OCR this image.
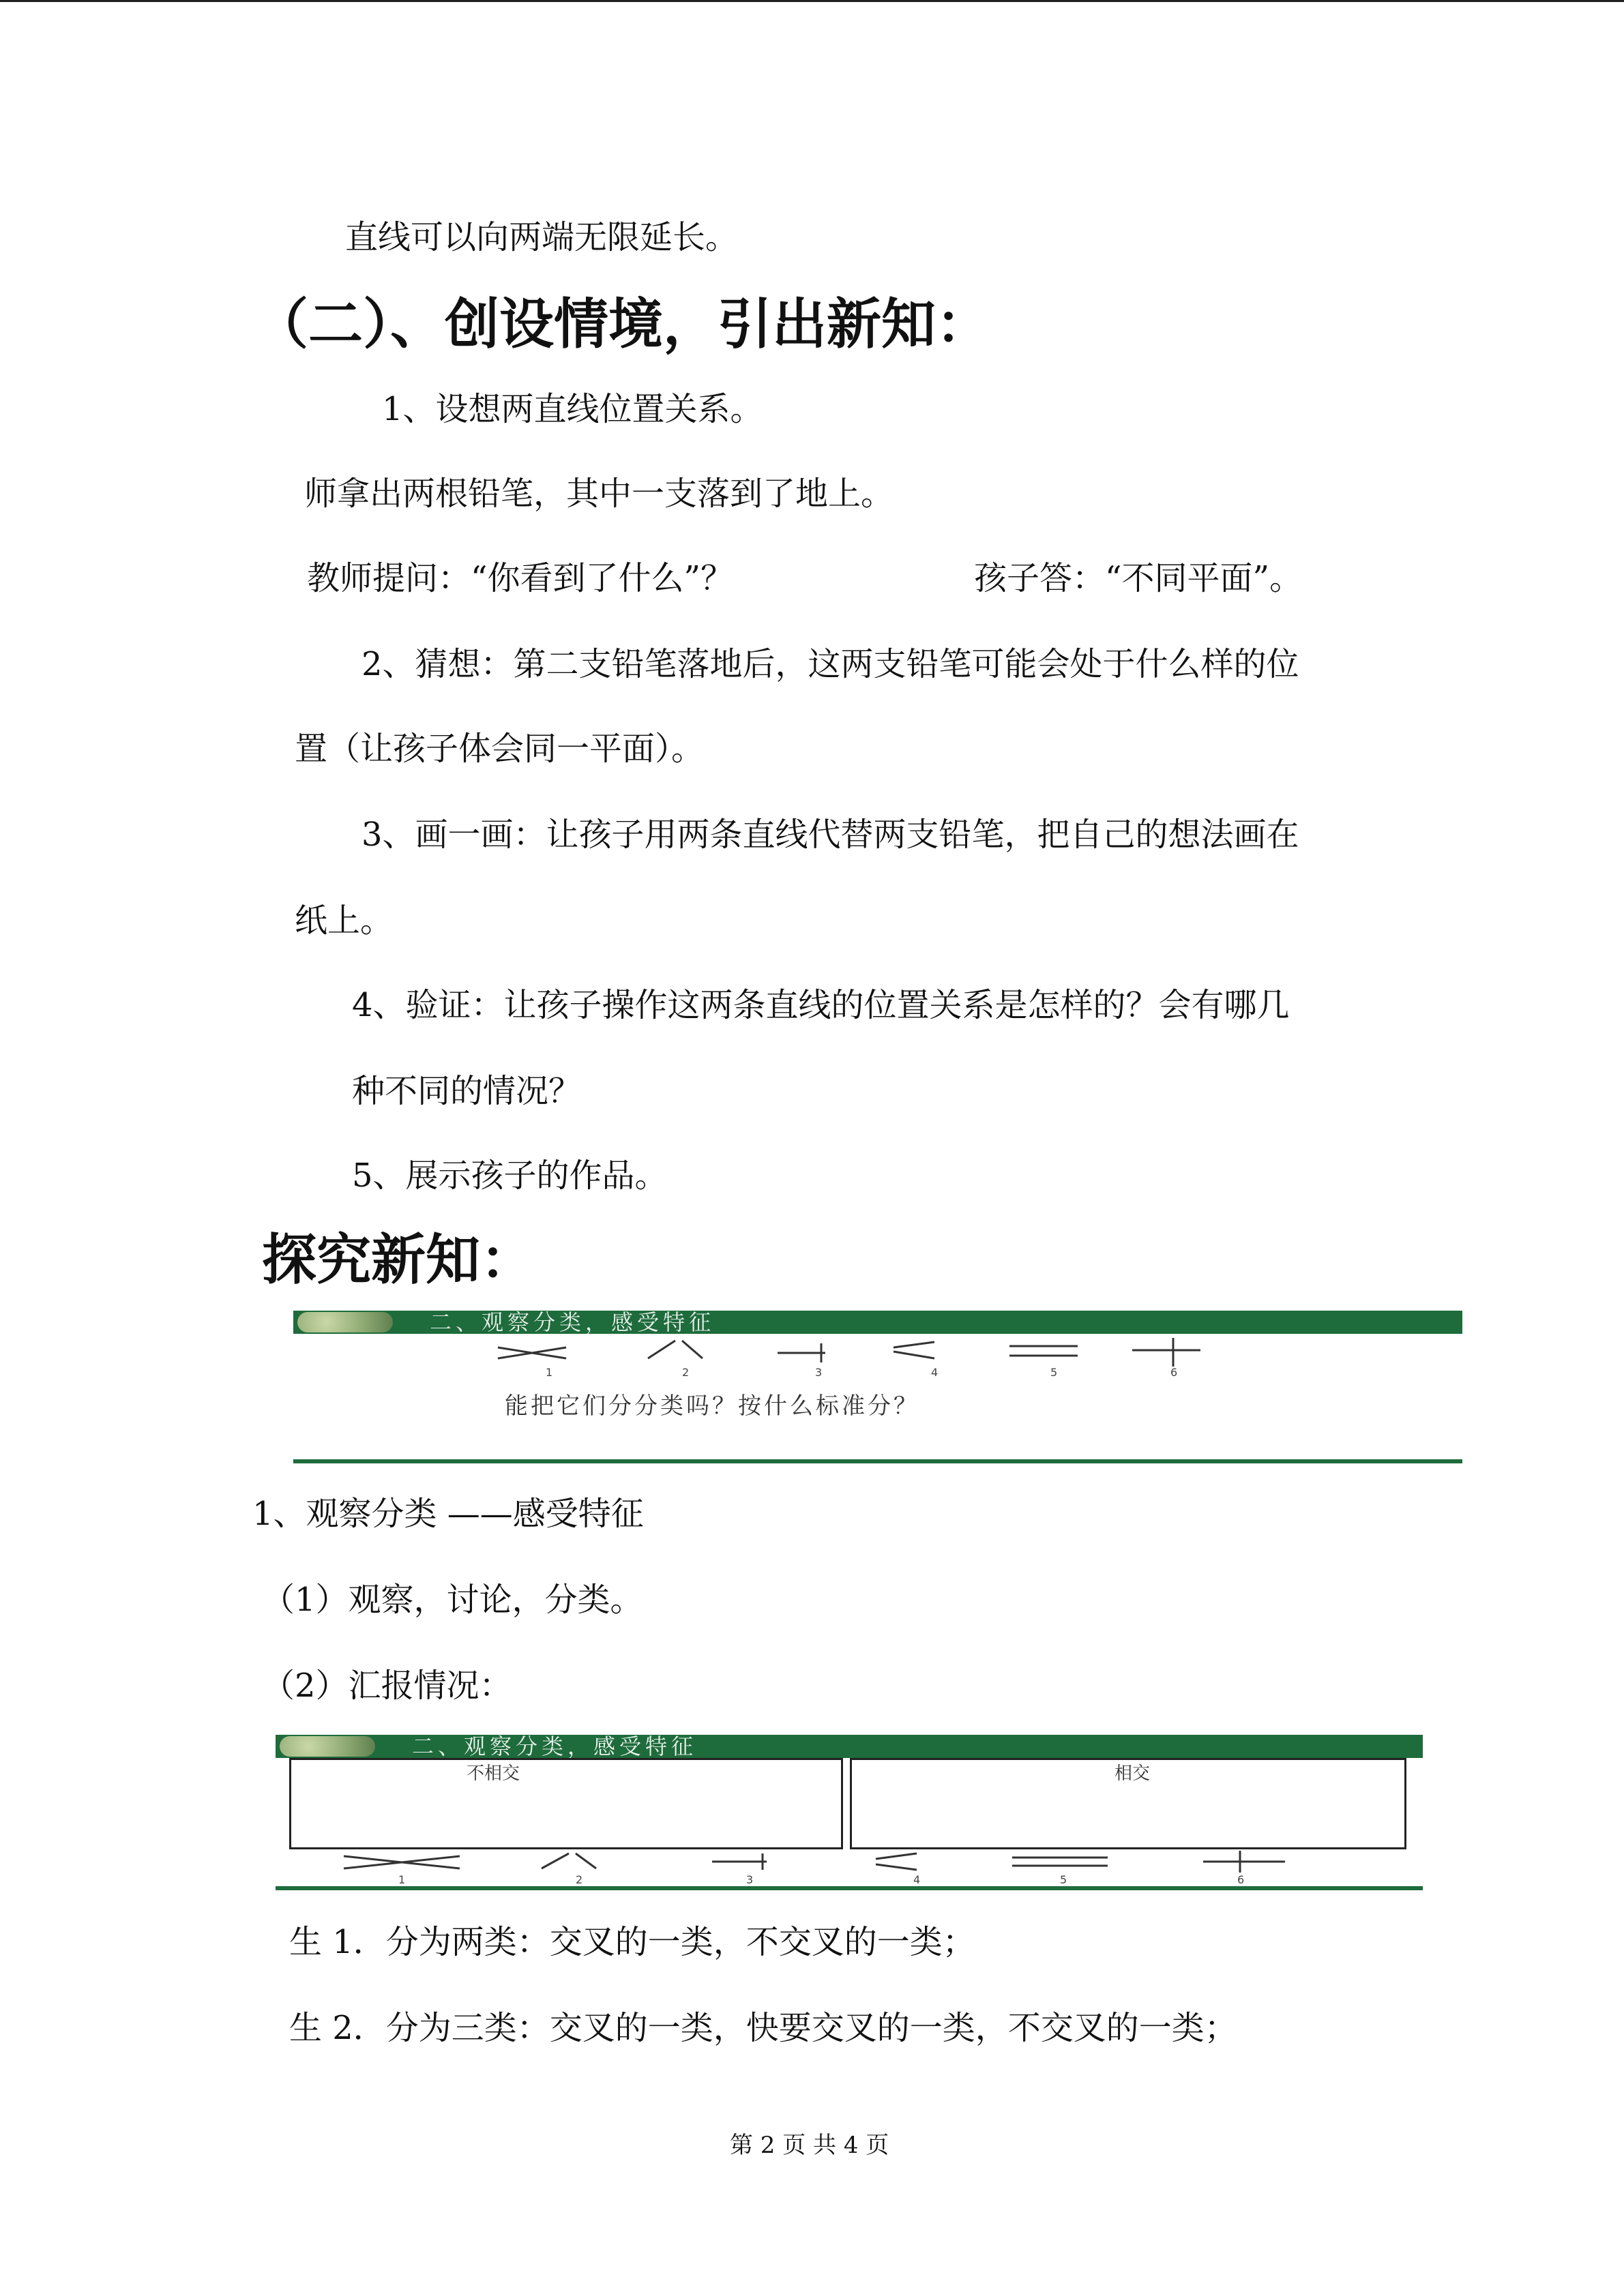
直线可以向两端无限延长。
（二）、创设情境，引出新知：
1、设想两直线位置关系。
师拿出两根铅笔，其中一支落到了地上。
教师提问：“你看到了什么”？	孩子答：“不同平面”。
2、猜想：第二支铅笔落地后，这两支铅笔可能会处于什么样的位
置（让孩子体会同一平面）。
3、画一画：让孩子用两条直线代替两支铅笔，把自己的想法画在
纸上。
4、验证：让孩子操作这两条直线的位置关系是怎样的？会有哪几
种不同的情况？
5、展示孩子的作品。
探究新知：
二、观察分类，感受特征
1	2	3	4	5	6
能把它们分分类吗？按什么标准分？
1、观察分类 ——感受特征
（1）观察，讨论，分类。
（2）汇报情况：
二、观察分类，感受特征
不相交	相交
1	2	3	4	5	6
生 1．分为两类：交叉的一类，不交叉的一类；
生 2．分为三类：交叉的一类，快要交叉的一类，不交叉的一类；
第 2 页 共 4 页
